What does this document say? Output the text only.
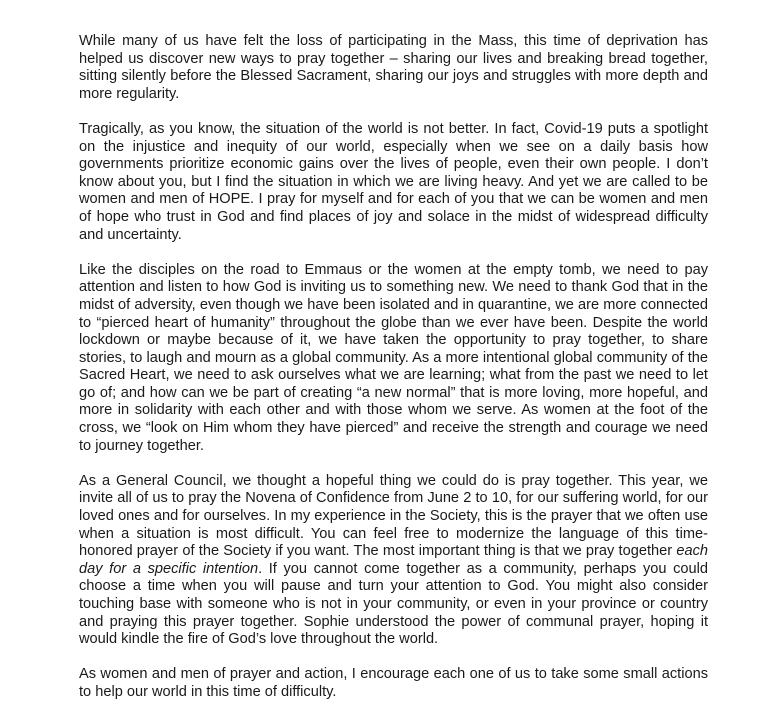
While many of us have felt the loss of participating in the Mass, this time of deprivation has helped us discover new ways to pray together – sharing our lives and breaking bread together, sitting silently before the Blessed Sacrament, sharing our joys and struggles with more depth and more regularity.

Tragically, as you know, the situation of the world is not better. In fact, Covid-19 puts a spotlight on the injustice and inequity of our world, especially when we see on a daily basis how governments prioritize economic gains over the lives of people, even their own people. I don’t know about you, but I find the situation in which we are living heavy. And yet we are called to be women and men of HOPE. I pray for myself and for each of you that we can be women and men of hope who trust in God and find places of joy and solace in the midst of widespread difficulty and uncertainty.

Like the disciples on the road to Emmaus or the women at the empty tomb, we need to pay attention and listen to how God is inviting us to something new. We need to thank God that in the midst of adversity, even though we have been isolated and in quarantine, we are more connected to “pierced heart of humanity” throughout the globe than we ever have been. Despite the world lockdown or maybe because of it, we have taken the opportunity to pray together, to share stories, to laugh and mourn as a global community. As a more intentional global community of the Sacred Heart, we need to ask ourselves what we are learning; what from the past we need to let go of; and how can we be part of creating “a new normal” that is more loving, more hopeful, and more in solidarity with each other and with those whom we serve. As women at the foot of the cross, we “look on Him whom they have pierced” and receive the strength and courage we need to journey together.

As a General Council, we thought a hopeful thing we could do is pray together. This year, we invite all of us to pray the Novena of Confidence from June 2 to 10, for our suffering world, for our loved ones and for ourselves. In my experience in the Society, this is the prayer that we often use when a situation is most difficult. You can feel free to modernize the language of this time-honored prayer of the Society if you want. The most important thing is that we pray together each day for a specific intention. If you cannot come together as a community, perhaps you could choose a time when you will pause and turn your attention to God. You might also consider touching base with someone who is not in your community, or even in your province or country and praying this prayer together. Sophie understood the power of communal prayer, hoping it would kindle the fire of God’s love throughout the world.

As women and men of prayer and action, I encourage each one of us to take some small actions to help our world in this time of difficulty.
